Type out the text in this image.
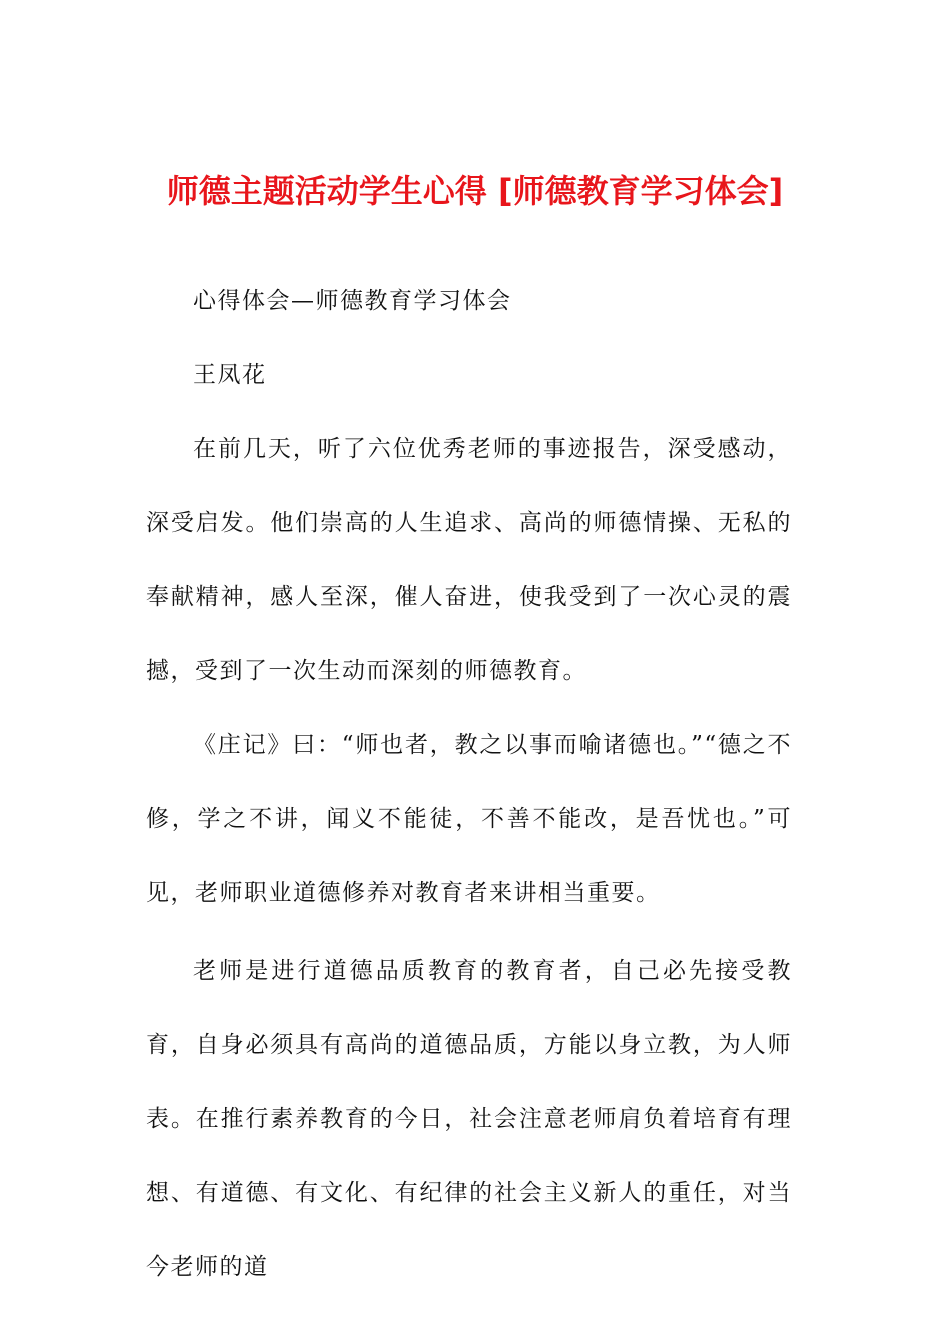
师德主题活动学生心得 [师德教育学习体会]

心得体会—师德教育学习体会

王凤花

在前几天，听了六位优秀老师的事迹报告，深受感动，深受启发。他们崇高的人生追求、高尚的师德情操、无私的奉献精神，感人至深，催人奋进，使我受到了一次心灵的震撼，受到了一次生动而深刻的师德教育。

《庄记》曰：“师也者，教之以事而喻诸德也。”“德之不修，学之不讲，闻义不能徒，不善不能改，是吾忧也。”可见，老师职业道德修养对教育者来讲相当重要。

老师是进行道德品质教育的教育者，自己必先接受教育，自身必须具有高尚的道德品质，方能以身立教，为人师表。在推行素养教育的今日，社会注意老师肩负着培育有理想、有道德、有文化、有纪律的社会主义新人的重任，对当今老师的道
